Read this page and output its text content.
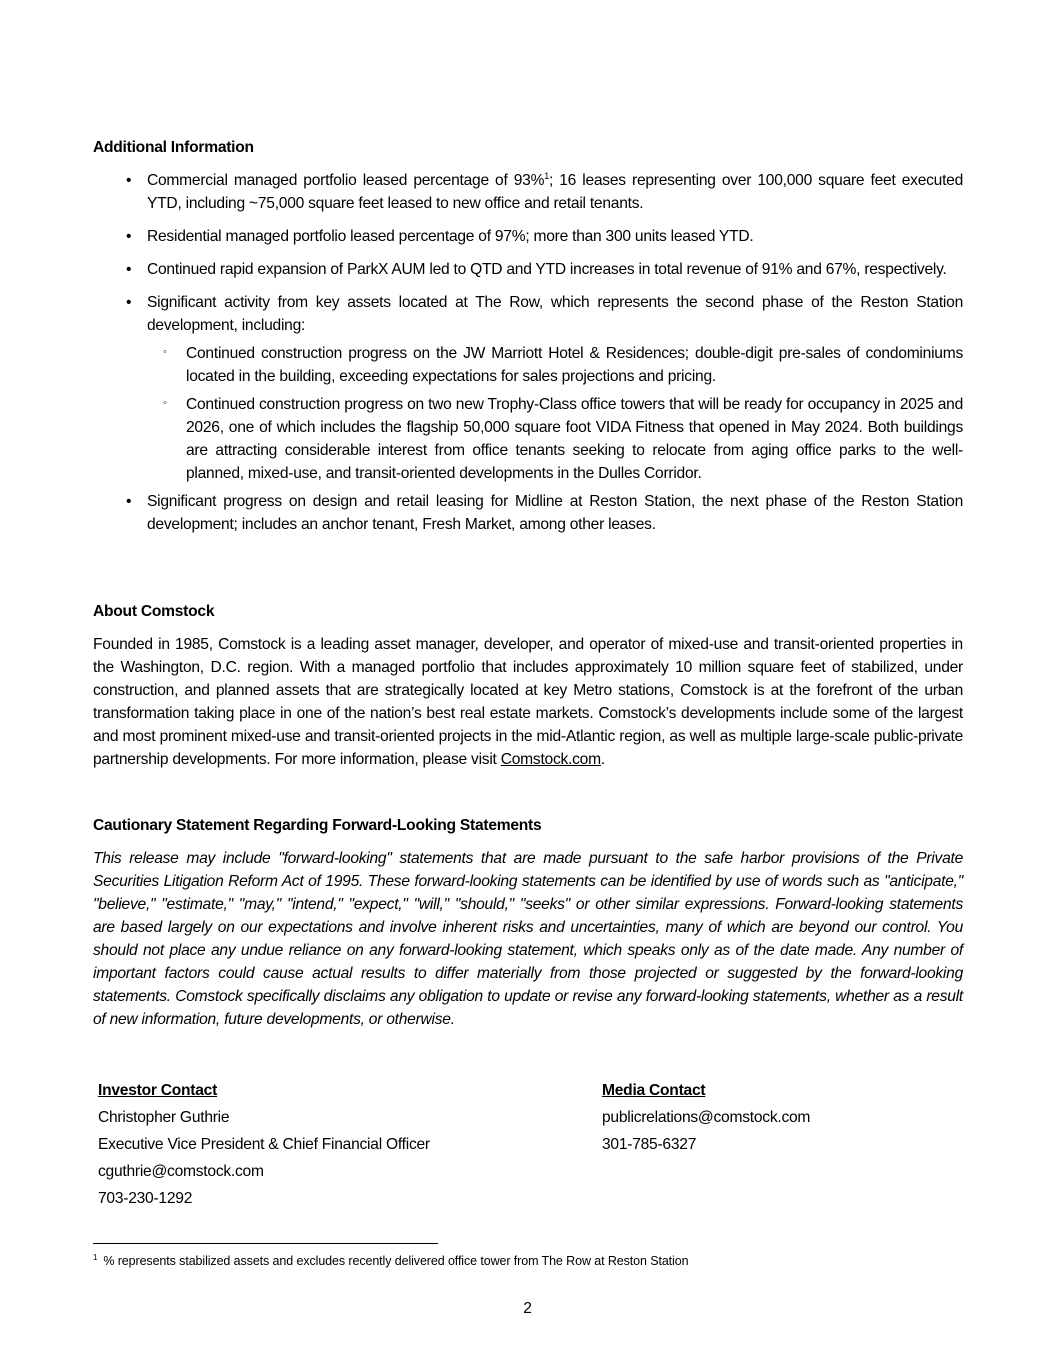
Additional Information
• Commercial managed portfolio leased percentage of 93%$^1$; 16 leases representing over 100,000 square feet executed YTD, including ~75,000 square feet leased to new office and retail tenants.
• Residential managed portfolio leased percentage of 97%; more than 300 units leased YTD.
• Continued rapid expansion of ParkX AUM led to QTD and YTD increases in total revenue of 91% and 67%, respectively.
• Significant activity from key assets located at The Row, which represents the second phase of the Reston Station development, including:
◦ Continued construction progress on the JW Marriott Hotel & Residences; double-digit pre-sales of condominiums located in the building, exceeding expectations for sales projections and pricing.
◦ Continued construction progress on two new Trophy-Class office towers that will be ready for occupancy in 2025 and 2026, one of which includes the flagship 50,000 square foot VIDA Fitness that opened in May 2024. Both buildings are attracting considerable interest from office tenants seeking to relocate from aging office parks to the well-planned, mixed-use, and transit-oriented developments in the Dulles Corridor.
• Significant progress on design and retail leasing for Midline at Reston Station, the next phase of the Reston Station development; includes an anchor tenant, Fresh Market, among other leases.
About Comstock

Founded in 1985, Comstock is a leading asset manager, developer, and operator of mixed-use and transit-oriented properties in the Washington, D.C. region. With a managed portfolio that includes approximately 10 million square feet of stabilized, under construction, and planned assets that are strategically located at key Metro stations, Comstock is at the forefront of the urban transformation taking place in one of the nation’s best real estate markets. Comstock’s developments include some of the largest and most prominent mixed-use and transit-oriented projects in the mid-Atlantic region, as well as multiple large-scale public-private partnership developments. For more information, please visit Comstock.com.

Cautionary Statement Regarding Forward-Looking Statements

This release may include "forward-looking" statements that are made pursuant to the safe harbor provisions of the Private Securities Litigation Reform Act of 1995. These forward-looking statements can be identified by use of words such as "anticipate," "believe," "estimate," "may," "intend," "expect," "will," "should," "seeks" or other similar expressions. Forward-looking statements are based largely on our expectations and involve inherent risks and uncertainties, many of which are beyond our control. You should not place any undue reliance on any forward-looking statement, which speaks only as of the date made. Any number of important factors could cause actual results to differ materially from those projected or suggested by the forward-looking statements. Comstock specifically disclaims any obligation to update or revise any forward-looking statements, whether as a result of new information, future developments, or otherwise.

Investor Contact
Christopher Guthrie
Executive Vice President & Chief Financial Officer
cguthrie@comstock.com
703-230-1292
Media Contact
publicrelations@comstock.com
301-785-6327
$^1$ % represents stabilized assets and excludes recently delivered office tower from The Row at Reston Station
2
